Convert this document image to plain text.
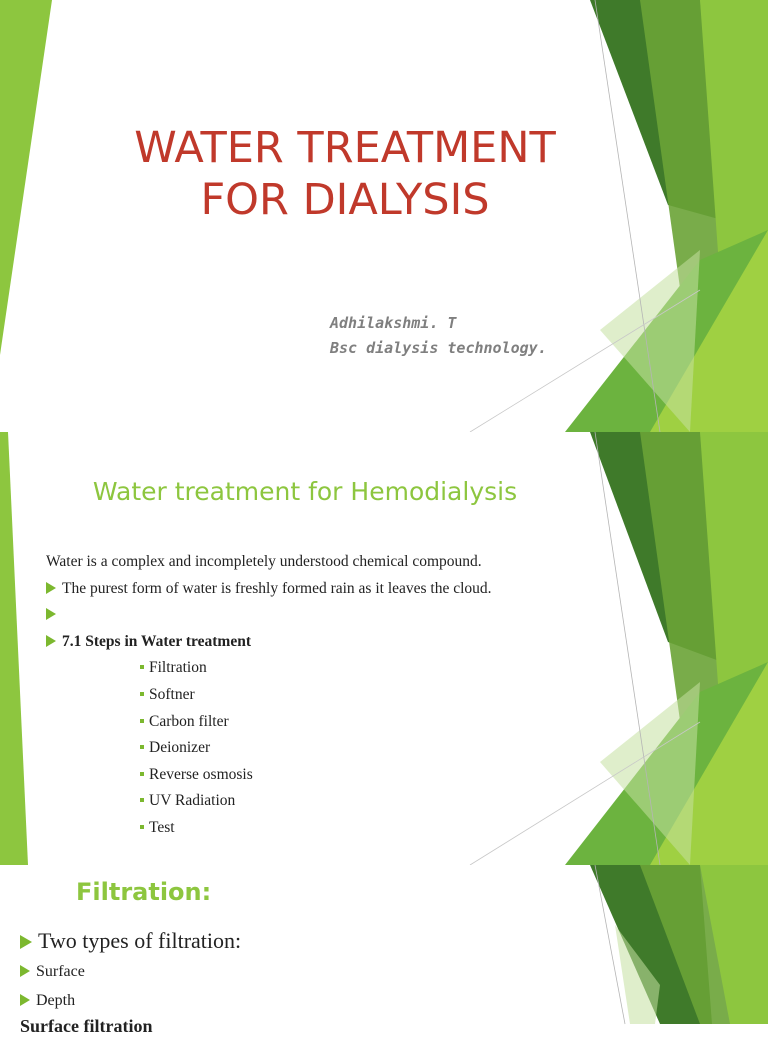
WATER TREATMENT
FOR DIALYSIS
Adhilakshmi. T
Bsc dialysis technology.
Water treatment for Hemodialysis
Water is a complex and incompletely understood chemical compound.
The purest form of water is freshly formed rain as it leaves the cloud.
7.1 Steps in Water treatment
Filtration
Softner
Carbon filter
Deionizer
Reverse osmosis
UV Radiation
Test
Filtration:
Two types of filtration:
Surface
Depth
Surface filtration
